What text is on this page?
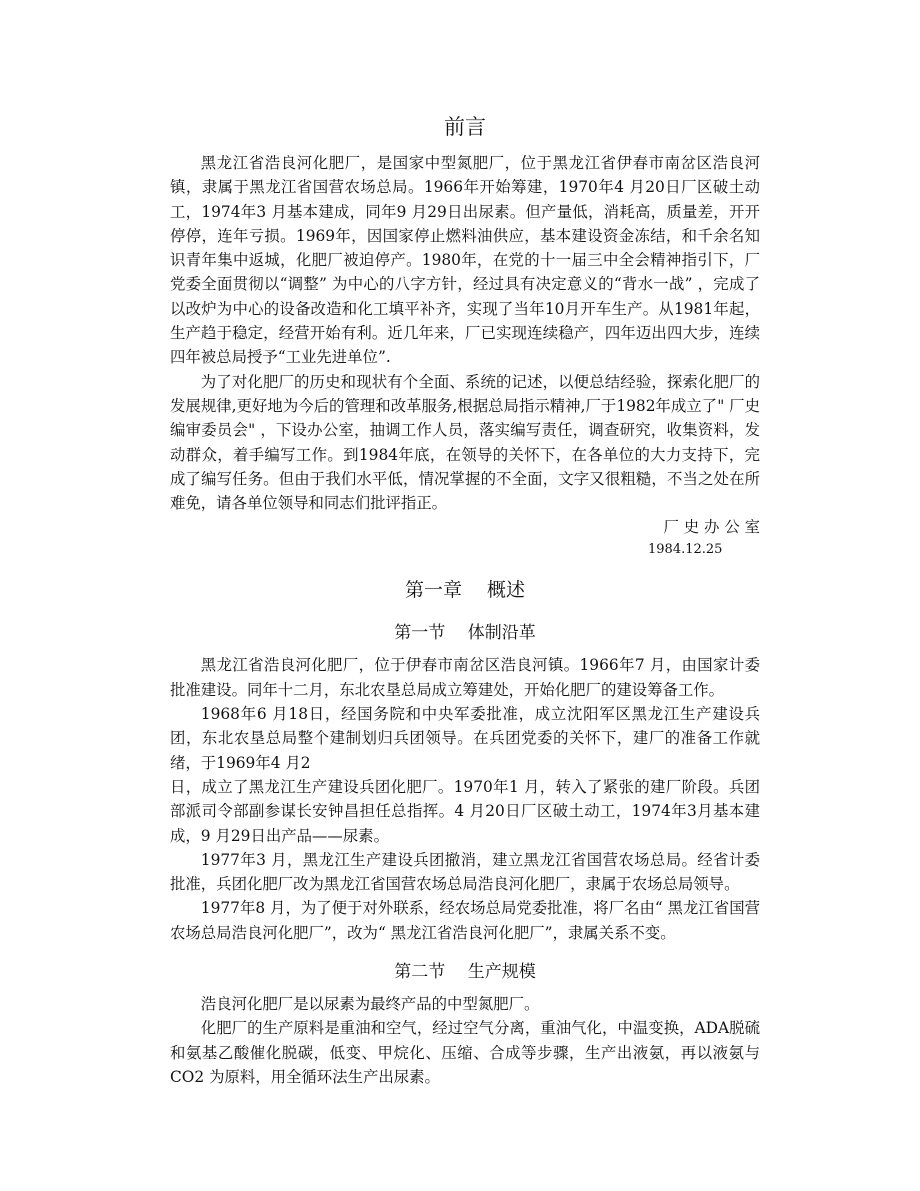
前言

黑龙江省浩良河化肥厂，是国家中型氮肥厂，位于黑龙江省伊春市南岔区浩良河镇，隶属于黑龙江省国营农场总局。1966年开始筹建，1970年4 月20日厂区破土动工，1974年3 月基本建成，同年9 月29日出尿素。但产量低，消耗高，质量差，开开停停，连年亏损。1969年，因国家停止燃料油供应，基本建设资金冻结，和千余名知识青年集中返城，化肥厂被迫停产。1980年，在党的十一届三中全会精神指引下，厂党委全面贯彻以“调整” 为中心的八字方针，经过具有决定意义的“背水一战” ，完成了以改炉为中心的设备改造和化工填平补齐，实现了当年10月开车生产。从1981年起，生产趋于稳定，经营开始有利。近几年来，厂已实现连续稳产，四年迈出四大步，连续四年被总局授予“工业先进单位”.

为了对化肥厂的历史和现状有个全面、系统的记述，以便总结经验，探索化肥厂的发展规律,更好地为今后的管理和改革服务,根据总局指示精神,厂于1982年成立了" 厂史编审委员会" ，下设办公室，抽调工作人员，落实编写责任，调查研究，收集资料，发动群众，着手编写工作。到1984年底，在领导的关怀下，在各单位的大力支持下，完成了编写任务。但由于我们水平低，情况掌握的不全面，文字又很粗糙，不当之处在所难免，请各单位领导和同志们批评指正。

厂 史 办 公 室

1984.12.25

第一章　 概述
第一节　 体制沿革

黑龙江省浩良河化肥厂，位于伊春市南岔区浩良河镇。1966年7 月，由国家计委批准建设。同年十二月，东北农垦总局成立筹建处，开始化肥厂的建设筹备工作。

1968年6 月18日，经国务院和中央军委批准，成立沈阳军区黑龙江生产建设兵团，东北农垦总局整个建制划归兵团领导。在兵团党委的关怀下，建厂的准备工作就绪，于1969年4 月2

日，成立了黑龙江生产建设兵团化肥厂。1970年1 月，转入了紧张的建厂阶段。兵团部派司令部副参谋长安钟昌担任总指挥。4 月20日厂区破土动工，1974年3月基本建成，9 月29日出产品——尿素。

1977年3 月，黑龙江生产建设兵团撤消，建立黑龙江省国营农场总局。经省计委批准，兵团化肥厂改为黑龙江省国营农场总局浩良河化肥厂，隶属于农场总局领导。

1977年8 月，为了便于对外联系，经农场总局党委批准，将厂名由“ 黑龙江省国营农场总局浩良河化肥厂”，改为“ 黑龙江省浩良河化肥厂”，隶属关系不变。

第二节　 生产规模

浩良河化肥厂是以尿素为最终产品的中型氮肥厂。

化肥厂的生产原料是重油和空气，经过空气分离，重油气化，中温变换，ADA脱硫和氨基乙酸催化脱碳，低变、甲烷化、压缩、合成等步骤，生产出液氨，再以液氨与CO2 为原料，用全循环法生产出尿素。
